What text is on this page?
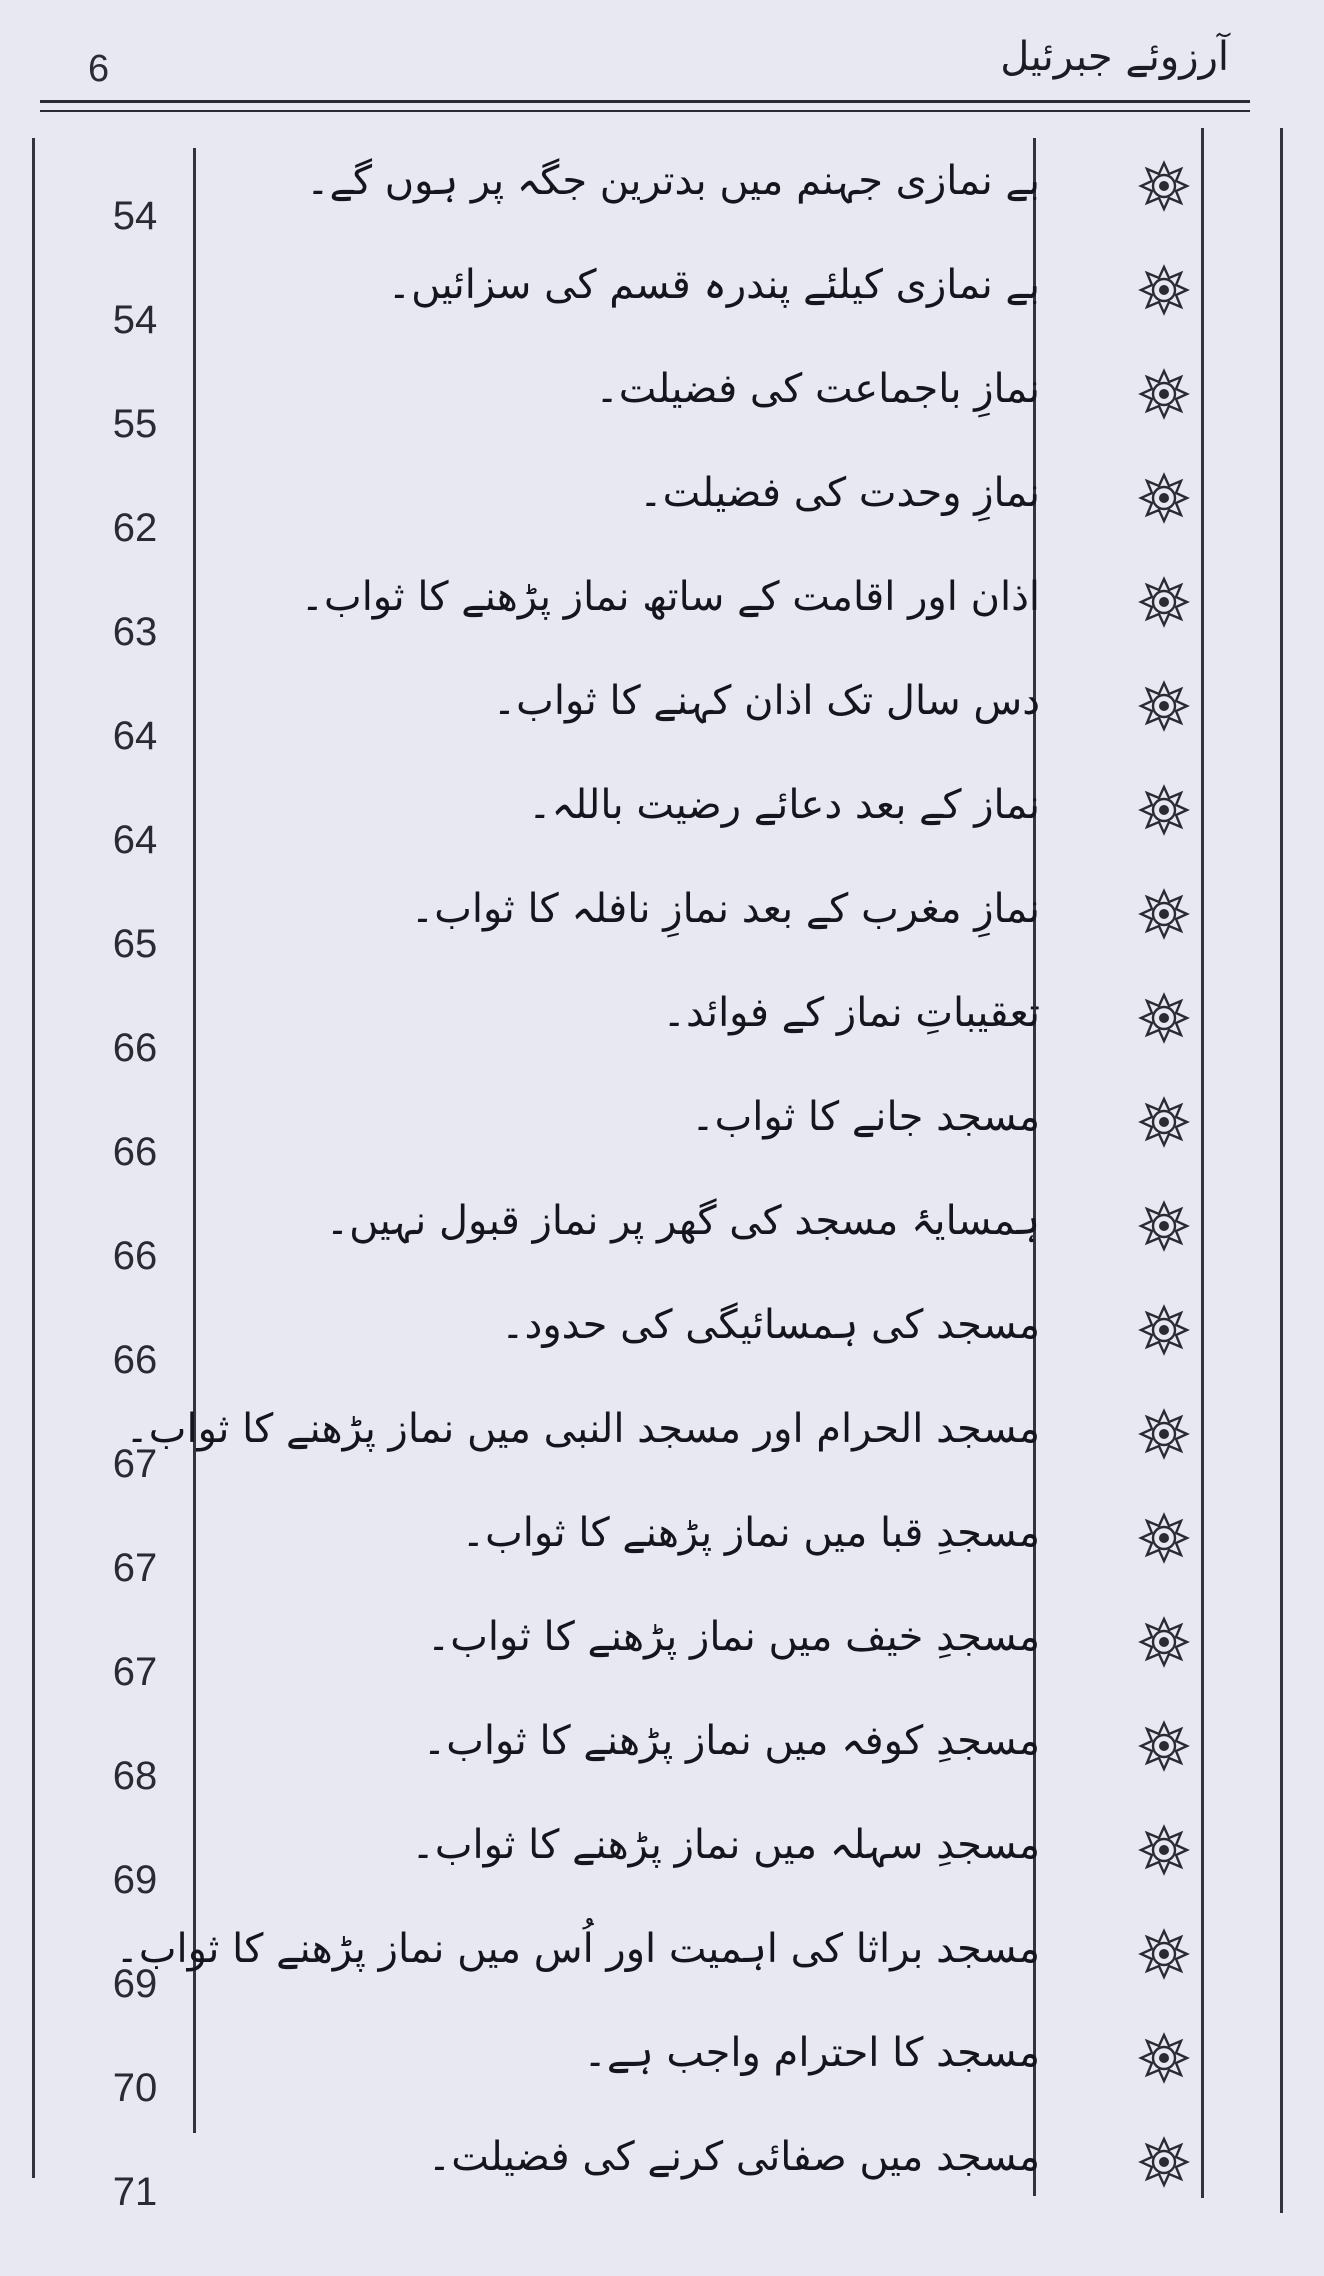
6	آرزوئے جبرئیل
بے نمازی جہنم میں بدترین جگہ پر ہوں گے۔
54
بے نمازی کیلئے پندرہ قسم کی سزائیں۔
54
نمازِ باجماعت کی فضیلت۔
55
نمازِ وحدت کی فضیلت۔
62
اذان اور اقامت کے ساتھ نماز پڑھنے کا ثواب۔
63
دس سال تک اذان کہنے کا ثواب۔
64
نماز کے بعد دعائے رضیت باللہ۔
64
نمازِ مغرب کے بعد نمازِ نافلہ کا ثواب۔
65
تعقیباتِ نماز کے فوائد۔
66
مسجد جانے کا ثواب۔
66
ہمسایۂ مسجد کی گھر پر نماز قبول نہیں۔
66
مسجد کی ہمسائیگی کی حدود۔
66
مسجد الحرام اور مسجد النبی میں نماز پڑھنے کا ثواب۔
67
مسجدِ قبا میں نماز پڑھنے کا ثواب۔
67
مسجدِ خیف میں نماز پڑھنے کا ثواب۔
67
مسجدِ کوفہ میں نماز پڑھنے کا ثواب۔
68
مسجدِ سہلہ میں نماز پڑھنے کا ثواب۔
69
مسجد براثا کی اہمیت اور اُس میں نماز پڑھنے کا ثواب۔
69
مسجد کا احترام واجب ہے۔
70
مسجد میں صفائی کرنے کی فضیلت۔
71
